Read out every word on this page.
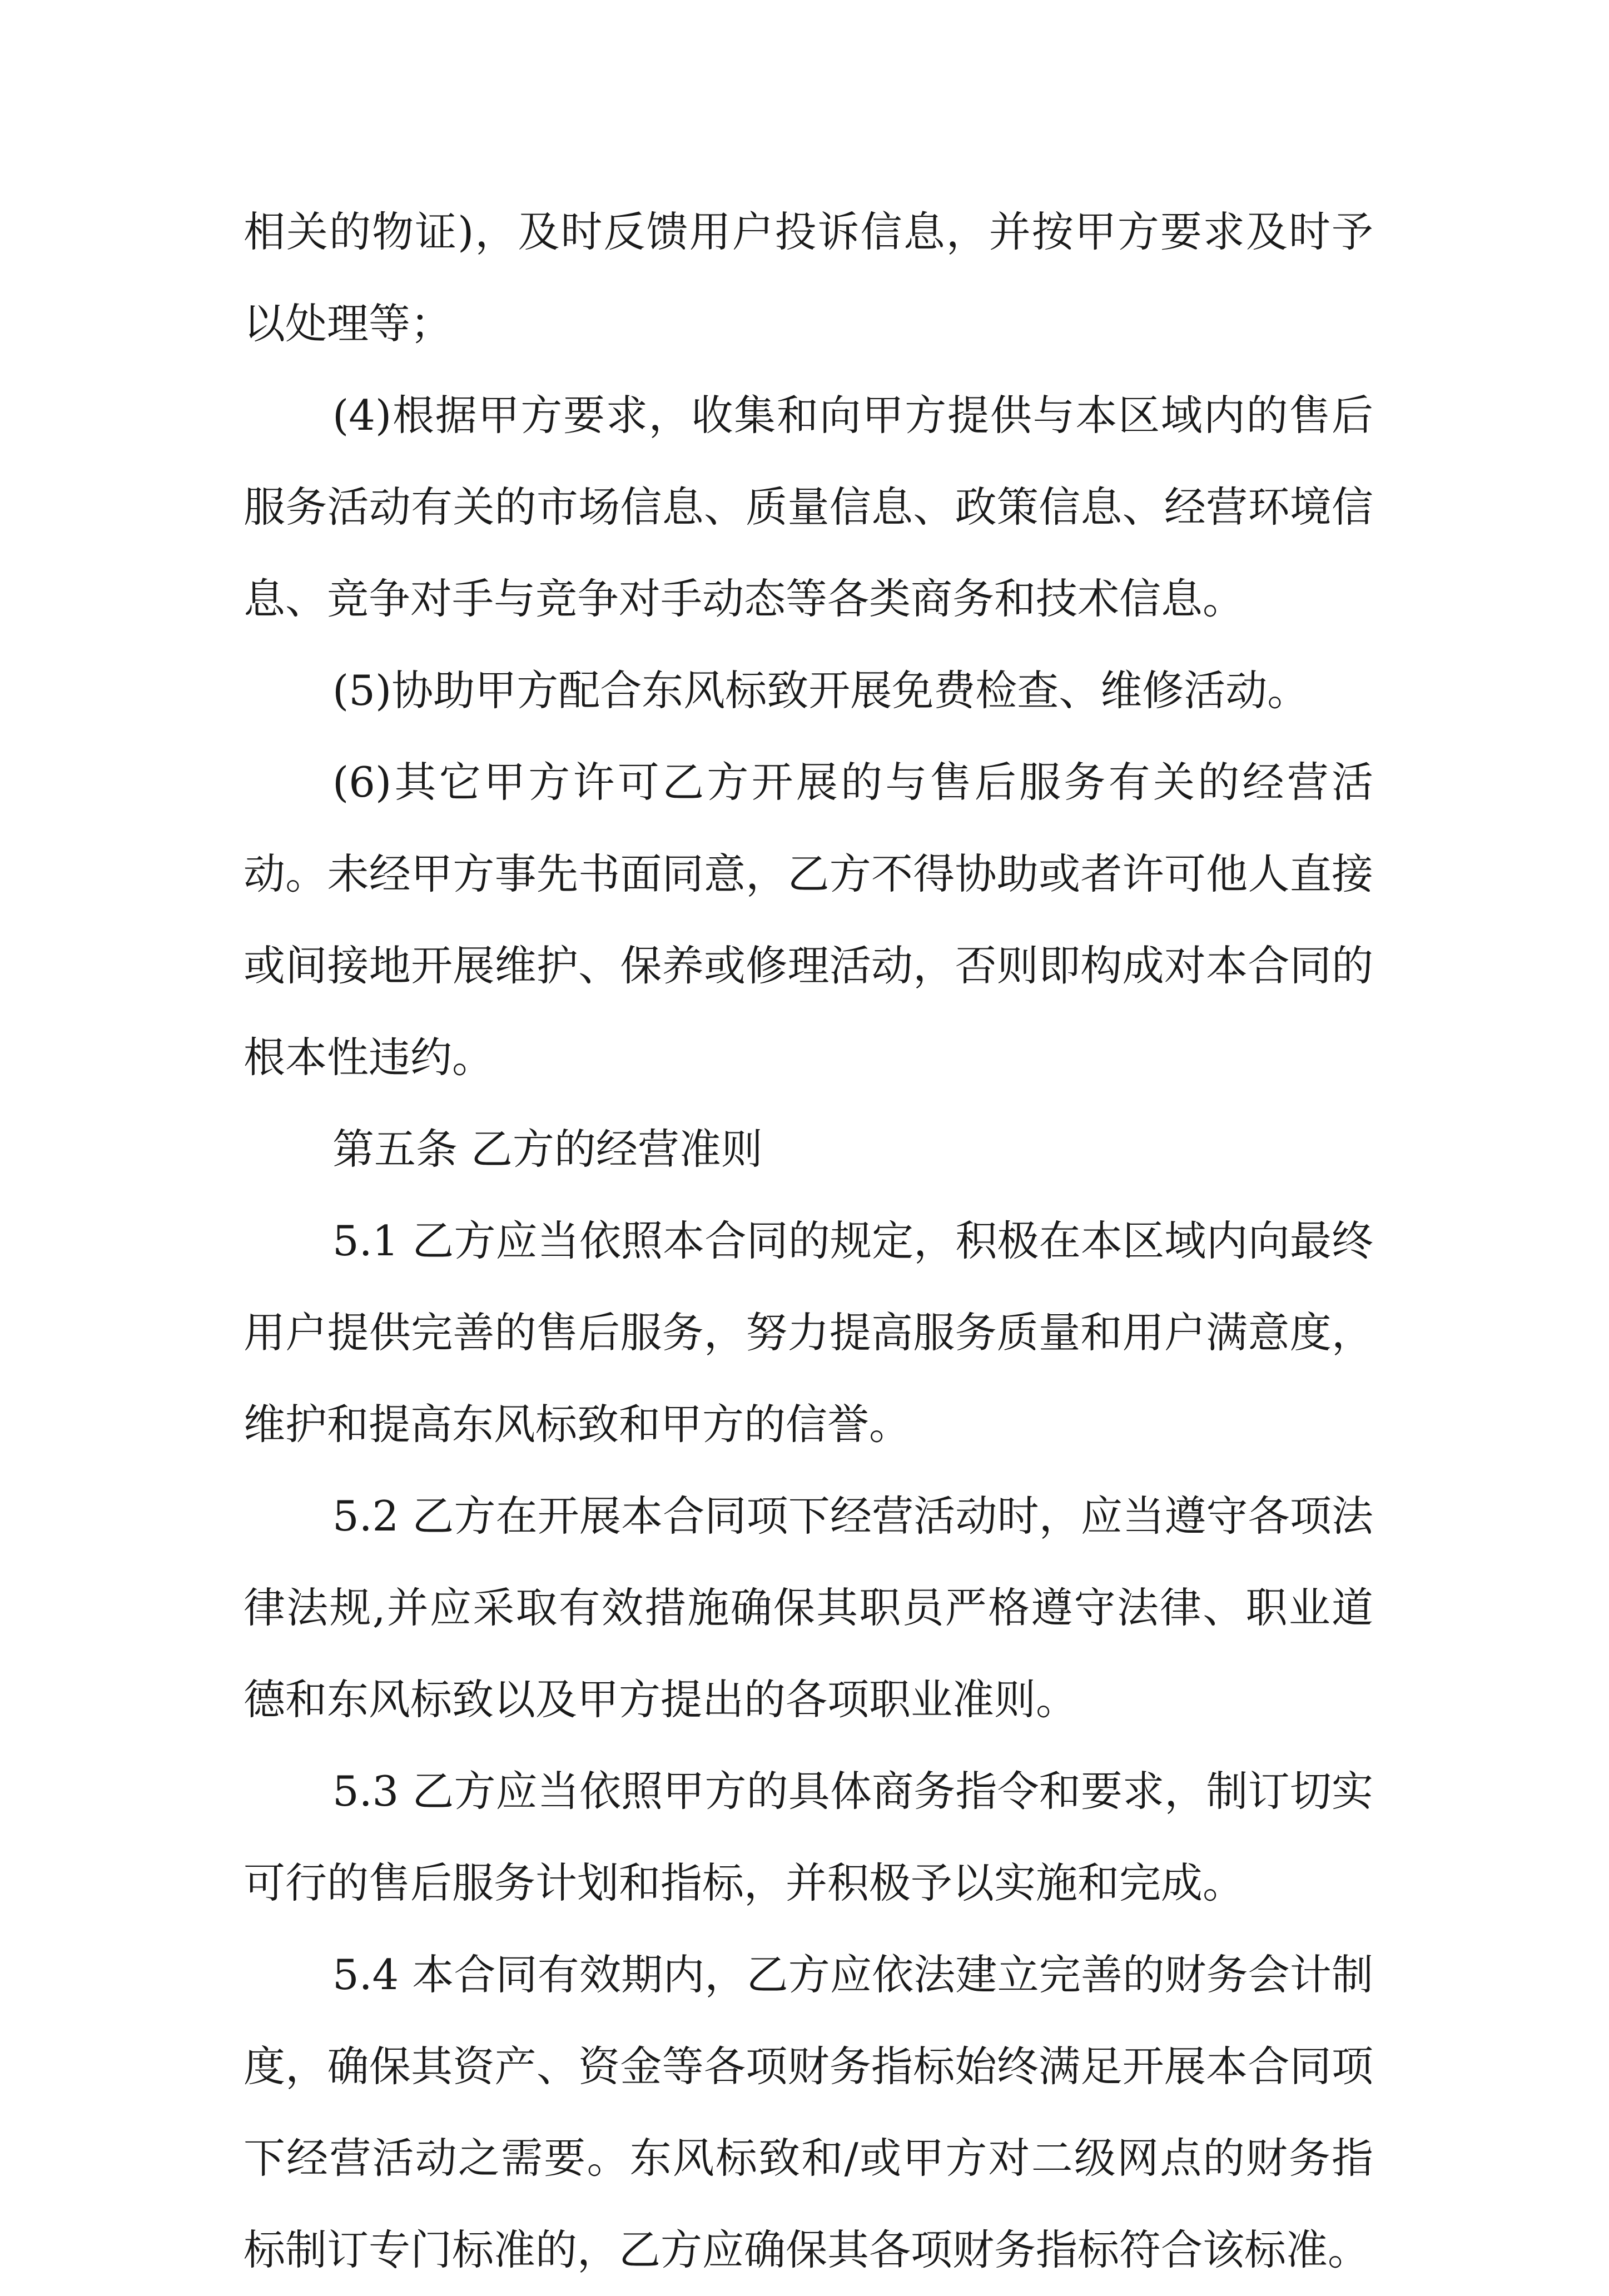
相关的物证)，及时反馈用户投诉信息，并按甲方要求及时予以处理等；

(4)根据甲方要求，收集和向甲方提供与本区域内的售后服务活动有关的市场信息、质量信息、政策信息、经营环境信息、竞争对手与竞争对手动态等各类商务和技术信息。

(5)协助甲方配合东风标致开展免费检查、维修活动。

(6)其它甲方许可乙方开展的与售后服务有关的经营活动。未经甲方事先书面同意，乙方不得协助或者许可他人直接或间接地开展维护、保养或修理活动，否则即构成对本合同的根本性违约。

第五条 乙方的经营准则

5.1 乙方应当依照本合同的规定，积极在本区域内向最终用户提供完善的售后服务，努力提高服务质量和用户满意度，维护和提高东风标致和甲方的信誉。

5.2 乙方在开展本合同项下经营活动时，应当遵守各项法律法规,并应采取有效措施确保其职员严格遵守法律、职业道德和东风标致以及甲方提出的各项职业准则。

5.3 乙方应当依照甲方的具体商务指令和要求，制订切实可行的售后服务计划和指标，并积极予以实施和完成。

5.4 本合同有效期内，乙方应依法建立完善的财务会计制度，确保其资产、资金等各项财务指标始终满足开展本合同项下经营活动之需要。东风标致和/或甲方对二级网点的财务指标制订专门标准的，乙方应确保其各项财务指标符合该标准。
